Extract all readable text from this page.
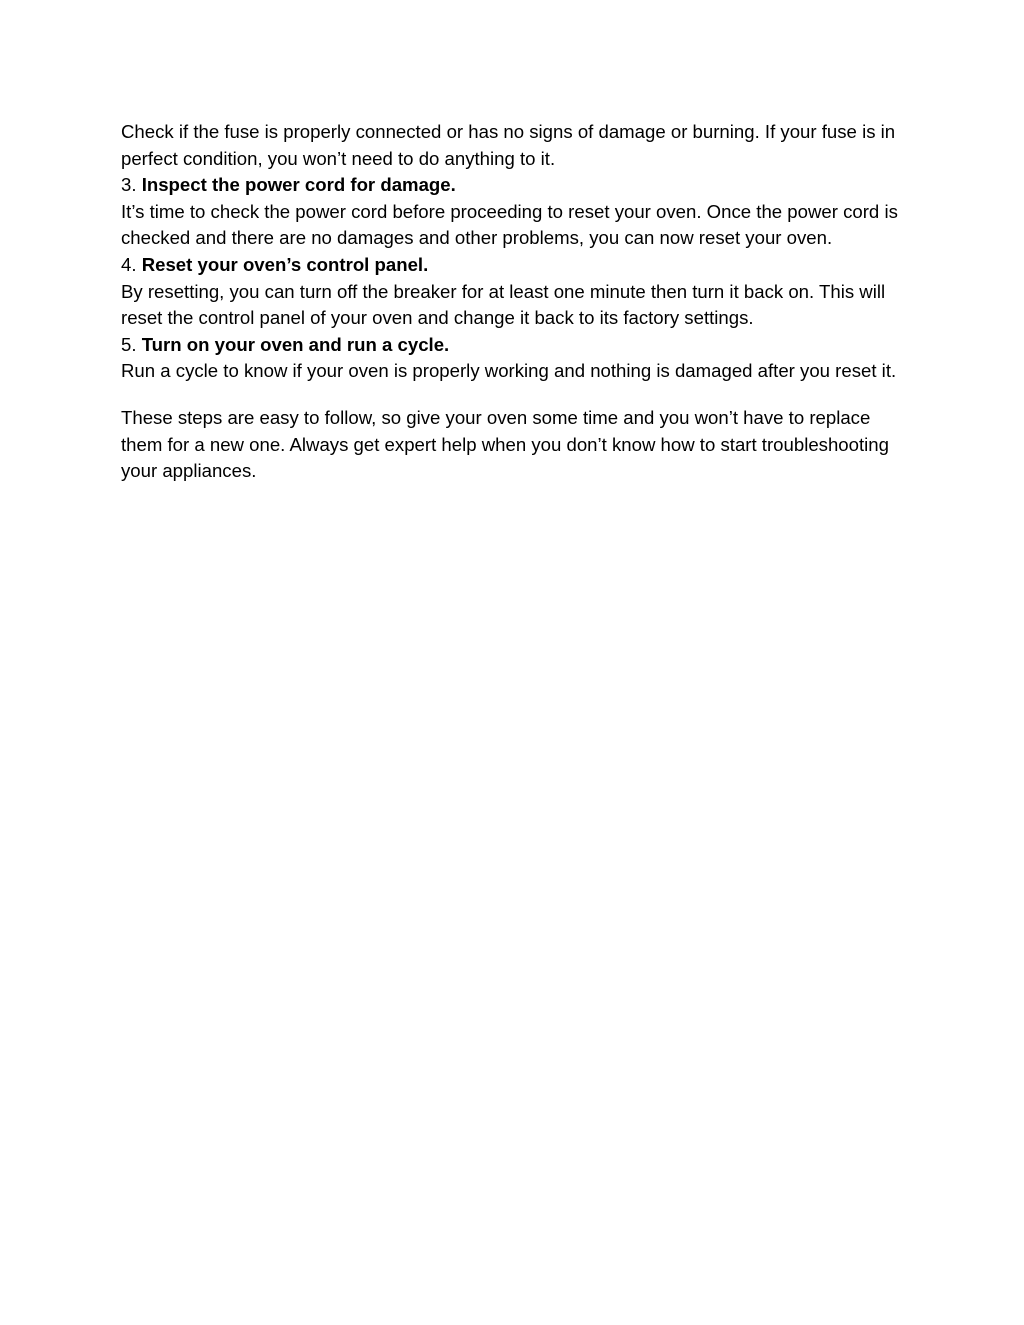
Check if the fuse is properly connected or has no signs of damage or burning. If your fuse is in perfect condition, you won’t need to do anything to it.

3. Inspect the power cord for damage.

It’s time to check the power cord before proceeding to reset your oven. Once the power cord is checked and there are no damages and other problems, you can now reset your oven.

4. Reset your oven’s control panel.

By resetting, you can turn off the breaker for at least one minute then turn it back on. This will reset the control panel of your oven and change it back to its factory settings.

5. Turn on your oven and run a cycle.

Run a cycle to know if your oven is properly working and nothing is damaged after you reset it.

These steps are easy to follow, so give your oven some time and you won’t have to replace them for a new one. Always get expert help when you don’t know how to start troubleshooting your appliances.
